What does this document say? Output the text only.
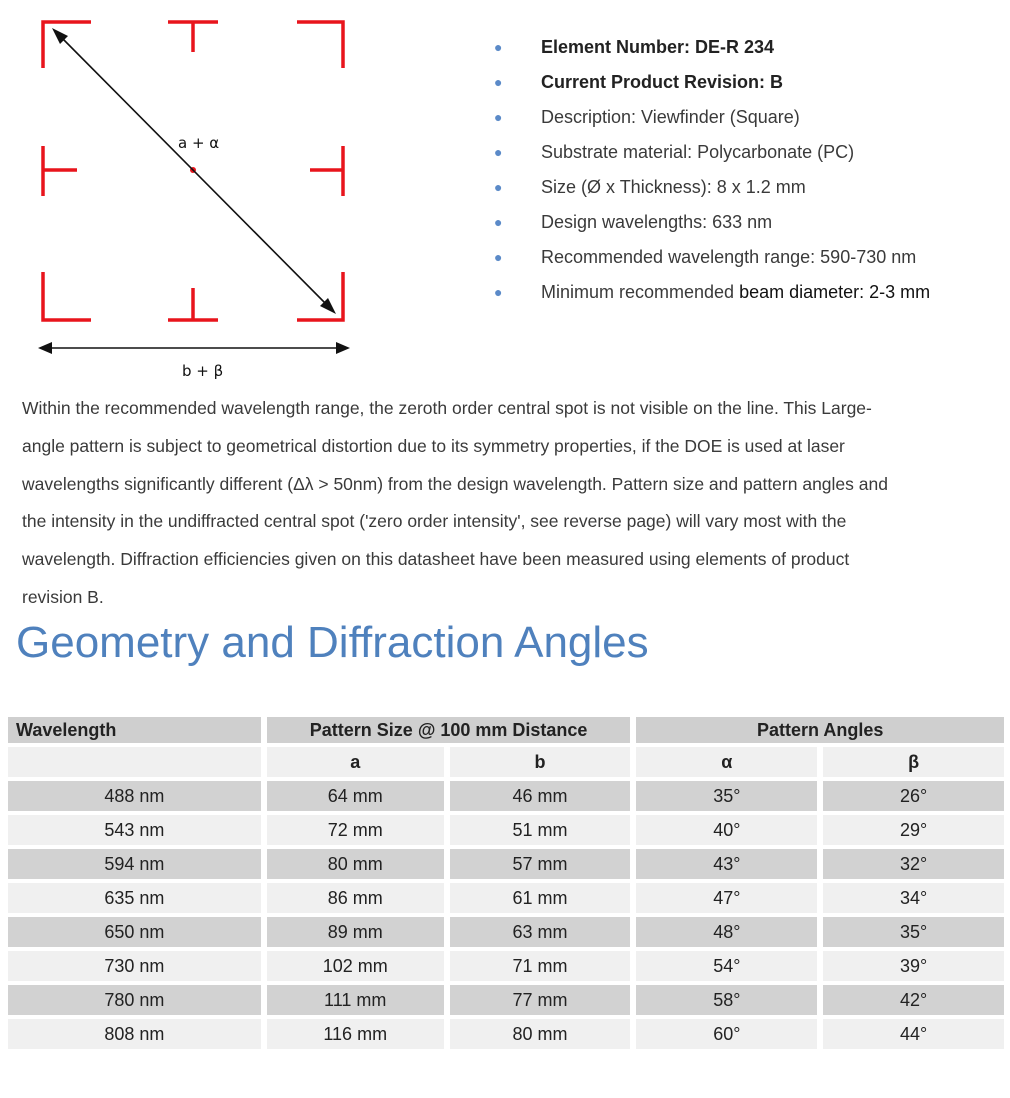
a + α
b + β
● Element Number: DE-R 234
● Current Product Revision: B
● Description: Viewfinder (Square)
● Substrate material: Polycarbonate (PC)
● Size (Ø x Thickness): 8 x 1.2 mm
● Design wavelengths: 633 nm
● Recommended wavelength range: 590-730 nm
● Minimum recommended beam diameter: 2-3 mm
Within the recommended wavelength range, the zeroth order central spot is not visible on the line. This Large-
angle pattern is subject to geometrical distortion due to its symmetry properties, if the DOE is used at laser
wavelengths significantly different (Δλ > 50nm) from the design wavelength. Pattern size and pattern angles and
the intensity in the undiffracted central spot ('zero order intensity', see reverse page) will vary most with the
wavelength. Diffraction efficiencies given on this datasheet have been measured using elements of product
revision B.
Geometry and Diffraction Angles
Wavelength	Pattern Size @ 100 mm Distance		Pattern Angles	
	a	b	α	β
488 nm	64 mm	46 mm	35°	26°
543 nm	72 mm	51 mm	40°	29°
594 nm	80 mm	57 mm	43°	32°
635 nm	86 mm	61 mm	47°	34°
650 nm	89 mm	63 mm	48°	35°
730 nm	102 mm	71 mm	54°	39°
780 nm	111 mm	77 mm	58°	42°
808 nm	116 mm	80 mm	60°	44°
